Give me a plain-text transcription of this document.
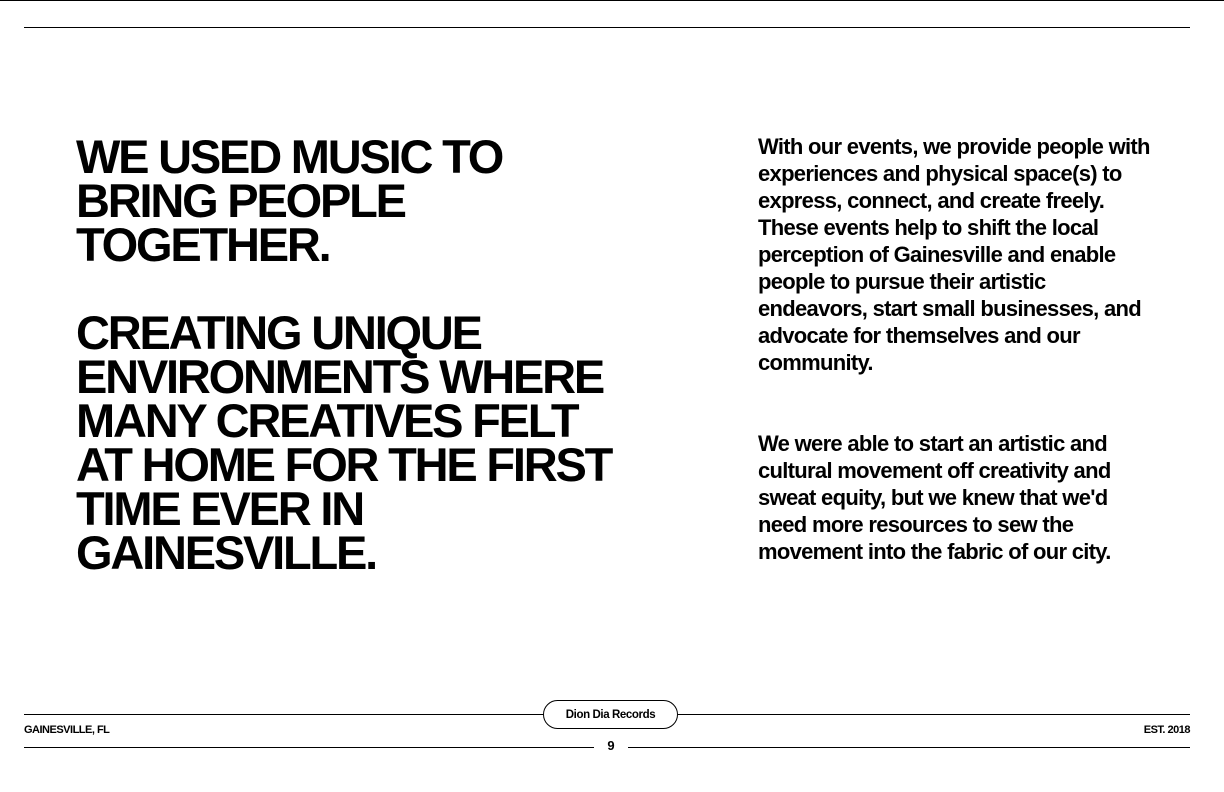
WE USED MUSIC TO BRING PEOPLE TOGETHER.
CREATING UNIQUE ENVIRONMENTS WHERE MANY CREATIVES FELT AT HOME FOR THE FIRST TIME EVER IN GAINESVILLE.

With our events, we provide people with experiences and physical space(s) to express, connect, and create freely. These events help to shift the local perception of Gainesville and enable people to pursue their artistic endeavors, start small businesses, and advocate for themselves and our community.

We were able to start an artistic and cultural movement off creativity and sweat equity, but we knew that we'd need more resources to sew the movement into the fabric of our city.

Dion Dia Records
GAINESVILLE, FL	EST. 2018
9
